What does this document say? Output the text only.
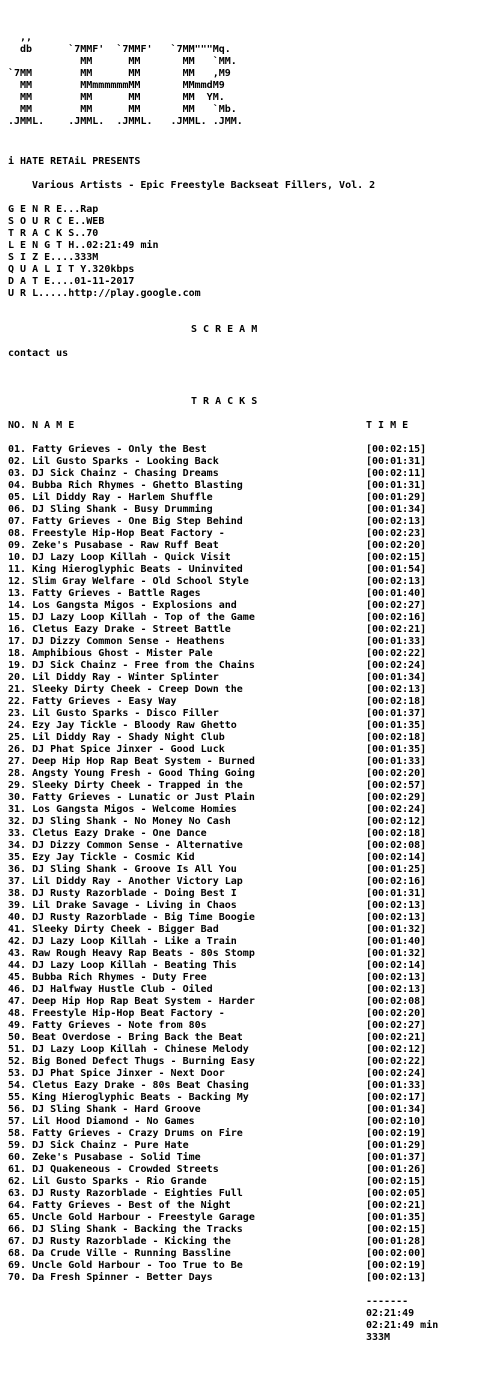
,,
db      `7MMF'  `7MMF'   `7MM"""Mq.
MM      MM       MM   `MM.
`7MM        MM      MM       MM   ,M9
MM        MMmmmmmmMM       MMmmdM9
MM        MM      MM       MM  YM.
MM        MM      MM       MM   `Mb.
.JMML.    .JMML.  .JMML.   .JMML. .JMM.
i HATE RETAiL PRESENTS
Various Artists - Epic Freestyle Backseat Fillers, Vol. 2
G E N R E... Rap
S O U R C E.. WEB
T R A C K S.. 70
L E N G T H.. 02:21:49 min
S I Z E.... 333M
Q U A L I T Y. 320kbps
D A T E.... 01-11-2017
U R L..... http://play.google.com
S C R E A M
contact us
T R A C K S
NO. N A M E	T I M E
01. Fatty Grieves - Only the Best	[00:02:15]
02. Lil Gusto Sparks - Looking Back	[00:01:31]
03. DJ Sick Chainz - Chasing Dreams	[00:02:11]
04. Bubba Rich Rhymes - Ghetto Blasting	[00:01:31]
05. Lil Diddy Ray - Harlem Shuffle	[00:01:29]
06. DJ Sling Shank - Busy Drumming	[00:01:34]
07. Fatty Grieves - One Big Step Behind	[00:02:13]
08. Freestyle Hip-Hop Beat Factory -	[00:02:23]
09. Zeke's Pusabase - Raw Ruff Beat	[00:02:20]
10. DJ Lazy Loop Killah - Quick Visit	[00:02:15]
11. King Hieroglyphic Beats - Uninvited	[00:01:54]
12. Slim Gray Welfare - Old School Style	[00:02:13]
13. Fatty Grieves - Battle Rages	[00:01:40]
14. Los Gangsta Migos - Explosions and	[00:02:27]
15. DJ Lazy Loop Killah - Top of the Game	[00:02:16]
16. Cletus Eazy Drake - Street Battle	[00:02:21]
17. DJ Dizzy Common Sense - Heathens	[00:01:33]
18. Amphibious Ghost - Mister Pale	[00:02:22]
19. DJ Sick Chainz - Free from the Chains	[00:02:24]
20. Lil Diddy Ray - Winter Splinter	[00:01:34]
21. Sleeky Dirty Cheek - Creep Down the	[00:02:13]
22. Fatty Grieves - Easy Way	[00:02:18]
23. Lil Gusto Sparks - Disco Filler	[00:01:37]
24. Ezy Jay Tickle - Bloody Raw Ghetto	[00:01:35]
25. Lil Diddy Ray - Shady Night Club	[00:02:18]
26. DJ Phat Spice Jinxer - Good Luck	[00:01:35]
27. Deep Hip Hop Rap Beat System - Burned	[00:01:33]
28. Angsty Young Fresh - Good Thing Going	[00:02:20]
29. Sleeky Dirty Cheek - Trapped in the	[00:02:57]
30. Fatty Grieves - Lunatic or Just Plain	[00:02:29]
31. Los Gangsta Migos - Welcome Homies	[00:02:24]
32. DJ Sling Shank - No Money No Cash	[00:02:12]
33. Cletus Eazy Drake - One Dance	[00:02:18]
34. DJ Dizzy Common Sense - Alternative	[00:02:08]
35. Ezy Jay Tickle - Cosmic Kid	[00:02:14]
36. DJ Sling Shank - Groove Is All You	[00:01:25]
37. Lil Diddy Ray - Another Victory Lap	[00:02:16]
38. DJ Rusty Razorblade - Doing Best I	[00:01:31]
39. Lil Drake Savage - Living in Chaos	[00:02:13]
40. DJ Rusty Razorblade - Big Time Boogie	[00:02:13]
41. Sleeky Dirty Cheek - Bigger Bad	[00:01:32]
42. DJ Lazy Loop Killah - Like a Train	[00:01:40]
43. Raw Rough Heavy Rap Beats - 80s Stomp	[00:01:32]
44. DJ Lazy Loop Killah - Beating This	[00:02:14]
45. Bubba Rich Rhymes - Duty Free	[00:02:13]
46. DJ Halfway Hustle Club - Oiled	[00:02:13]
47. Deep Hip Hop Rap Beat System - Harder	[00:02:08]
48. Freestyle Hip-Hop Beat Factory -	[00:02:20]
49. Fatty Grieves - Note from 80s	[00:02:27]
50. Beat Overdose - Bring Back the Beat	[00:02:21]
51. DJ Lazy Loop Killah - Chinese Melody	[00:02:12]
52. Big Boned Defect Thugs - Burning Easy	[00:02:22]
53. DJ Phat Spice Jinxer - Next Door	[00:02:24]
54. Cletus Eazy Drake - 80s Beat Chasing	[00:01:33]
55. King Hieroglyphic Beats - Backing My	[00:02:17]
56. DJ Sling Shank - Hard Groove	[00:01:34]
57. Lil Hood Diamond - No Games	[00:02:10]
58. Fatty Grieves - Crazy Drums on Fire	[00:02:19]
59. DJ Sick Chainz - Pure Hate	[00:01:29]
60. Zeke's Pusabase - Solid Time	[00:01:37]
61. DJ Quakeneous - Crowded Streets	[00:01:26]
62. Lil Gusto Sparks - Rio Grande	[00:02:15]
63. DJ Rusty Razorblade - Eighties Full	[00:02:05]
64. Fatty Grieves - Best of the Night	[00:02:21]
65. Uncle Gold Harbour - Freestyle Garage	[00:01:35]
66. DJ Sling Shank - Backing the Tracks	[00:02:15]
67. DJ Rusty Razorblade - Kicking the	[00:01:28]
68. Da Crude Ville - Running Bassline	[00:02:00]
69. Uncle Gold Harbour - Too True to Be	[00:02:19]
70. Da Fresh Spinner - Better Days	[00:02:13]
-------
02:21:49
02:21:49 min
333M
